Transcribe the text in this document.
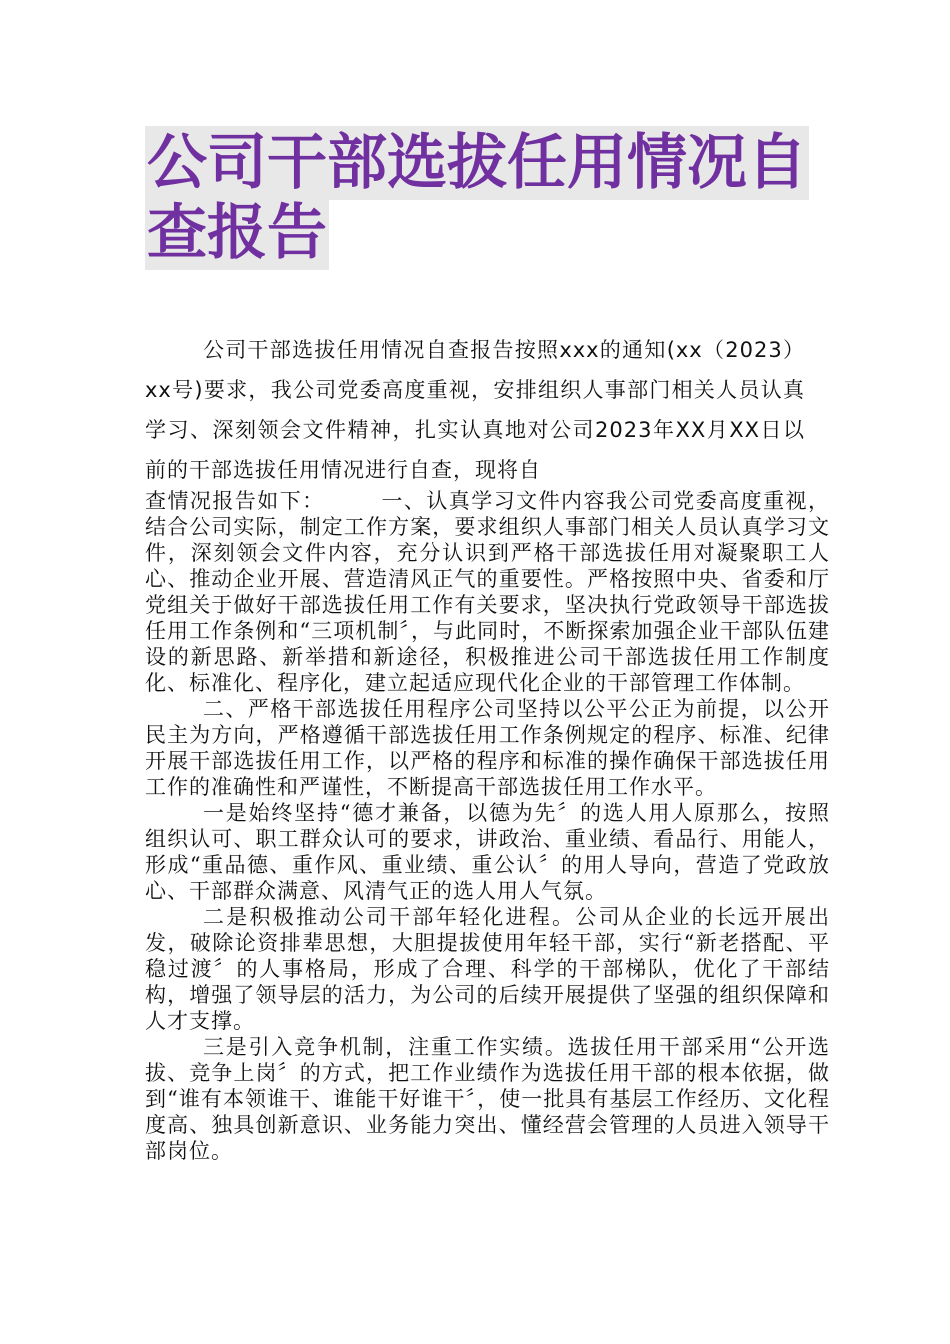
公司干部选拔任用情况自查报告

公司干部选拔任用情况自查报告按照xxx的通知(xx（2023）xx号)要求，我公司党委高度重视，安排组织人事部门相关人员认真学习、深刻领会文件精神，扎实认真地对公司2023年XX月XX日以前的干部选拔任用情况进行自查，现将自

查情况报告如下：　　　一、认真学习文件内容我公司党委高度重视，结合公司实际，制定工作方案，要求组织人事部门相关人员认真学习文件，深刻领会文件内容，充分认识到严格干部选拔任用对凝聚职工人心、推动企业开展、营造清风正气的重要性。严格按照中央、省委和厅党组关于做好干部选拔任用工作有关要求，坚决执行党政领导干部选拔任用工作条例和“三项机制〞，与此同时，不断探索加强企业干部队伍建设的新思路、新举措和新途径，积极推进公司干部选拔任用工作制度化、标准化、程序化，建立起适应现代化企业的干部管理工作体制。

二、严格干部选拔任用程序公司坚持以公平公正为前提，以公开民主为方向，严格遵循干部选拔任用工作条例规定的程序、标准、纪律开展干部选拔任用工作，以严格的程序和标准的操作确保干部选拔任用工作的准确性和严谨性，不断提高干部选拔任用工作水平。

一是始终坚持“德才兼备，以德为先〞的选人用人原那么，按照组织认可、职工群众认可的要求，讲政治、重业绩、看品行、用能人，形成“重品德、重作风、重业绩、重公认〞的用人导向，营造了党政放心、干部群众满意、风清气正的选人用人气氛。

二是积极推动公司干部年轻化进程。公司从企业的长远开展出发，破除论资排辈思想，大胆提拔使用年轻干部，实行“新老搭配、平稳过渡〞的人事格局，形成了合理、科学的干部梯队，优化了干部结构，增强了领导层的活力，为公司的后续开展提供了坚强的组织保障和人才支撑。

三是引入竞争机制，注重工作实绩。选拔任用干部采用“公开选拔、竞争上岗〞的方式，把工作业绩作为选拔任用干部的根本依据，做到“谁有本领谁干、谁能干好谁干〞，使一批具有基层工作经历、文化程度高、独具创新意识、业务能力突出、懂经营会管理的人员进入领导干部岗位。
